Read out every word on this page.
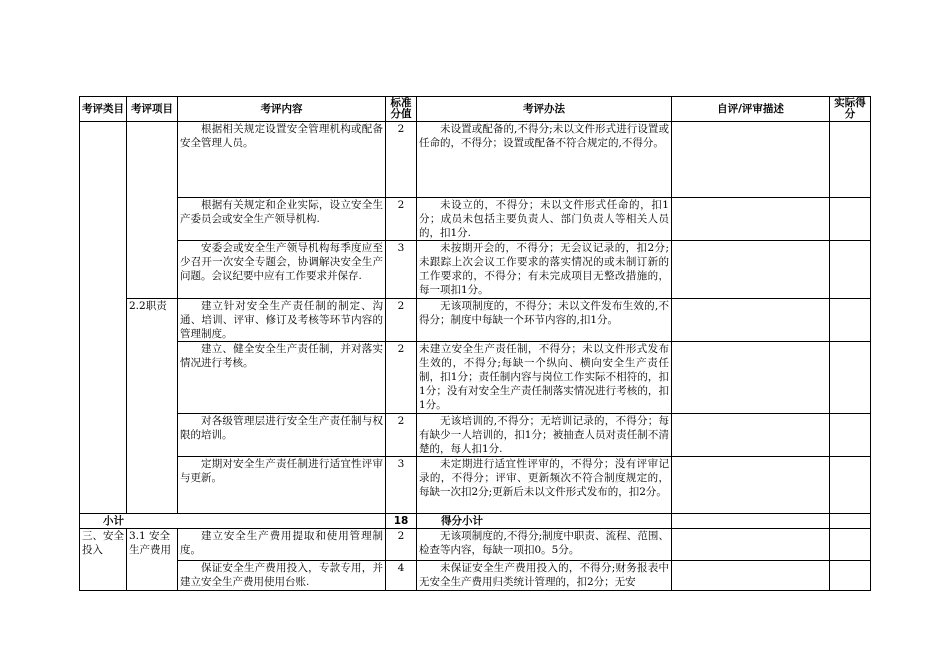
考评类目	考评项目	考评内容	标准分值	考评办法	自评/评审描述	实际得分
		根据相关规定设置安全管理机构或配备安全管理人员。	2	未设置或配备的,不得分;未以文件形式进行设置或任命的，不得分；设置或配备不符合规定的,不得分。		
		根据有关规定和企业实际，设立安全生产委员会或安全生产领导机构.	2	未设立的，不得分；未以文件形式任命的，扣1分；成员未包括主要负责人、部门负责人等相关人员的，扣1分.		
		安委会或安全生产领导机构每季度应至少召开一次安全专题会，协调解决安全生产问题。会议纪要中应有工作要求并保存.	3	未按期开会的，不得分；无会议记录的，扣2分;未跟踪上次会议工作要求的落实情况的或未制订新的工作要求的，不得分；有未完成项目无整改措施的，每一项扣1分。		
	2.2职责	建立针对安全生产责任制的制定、沟通、培训、评审、修订及考核等环节内容的管理制度。	2	无该项制度的，不得分；未以文件发布生效的,不得分；制度中每缺一个环节内容的,扣1分。		
		建立、健全安全生产责任制，并对落实情况进行考核。	2	未建立安全生产责任制，不得分；未以文件形式发布生效的，不得分;每缺一个纵向、横向安全生产责任制，扣1分；责任制内容与岗位工作实际不相符的，扣1分；没有对安全生产责任制落实情况进行考核的，扣1分。		
		对各级管理层进行安全生产责任制与权限的培训。	2	无该培训的,不得分；无培训记录的，不得分；每有缺少一人培训的，扣1分；被抽查人员对责任制不清楚的，每人扣1分.		
		定期对安全生产责任制进行适宜性评审与更新。	3	未定期进行适宜性评审的，不得分；没有评审记录的，不得分；评审、更新频次不符合制度规定的，每缺一次扣2分;更新后未以文件形式发布的，扣2分。		
小计			18	得分小计		
三、安全投入	3.1 安全生产费用	建立安全生产费用提取和使用管理制度。	2	无该项制度的,不得分;制度中职责、流程、范围、检查等内容，每缺一项扣0。5分。		
		保证安全生产费用投入，专款专用，并建立安全生产费用使用台账.	4	未保证安全生产费用投入的，不得分;财务报表中无安全生产费用归类统计管理的，扣2分；无安		
